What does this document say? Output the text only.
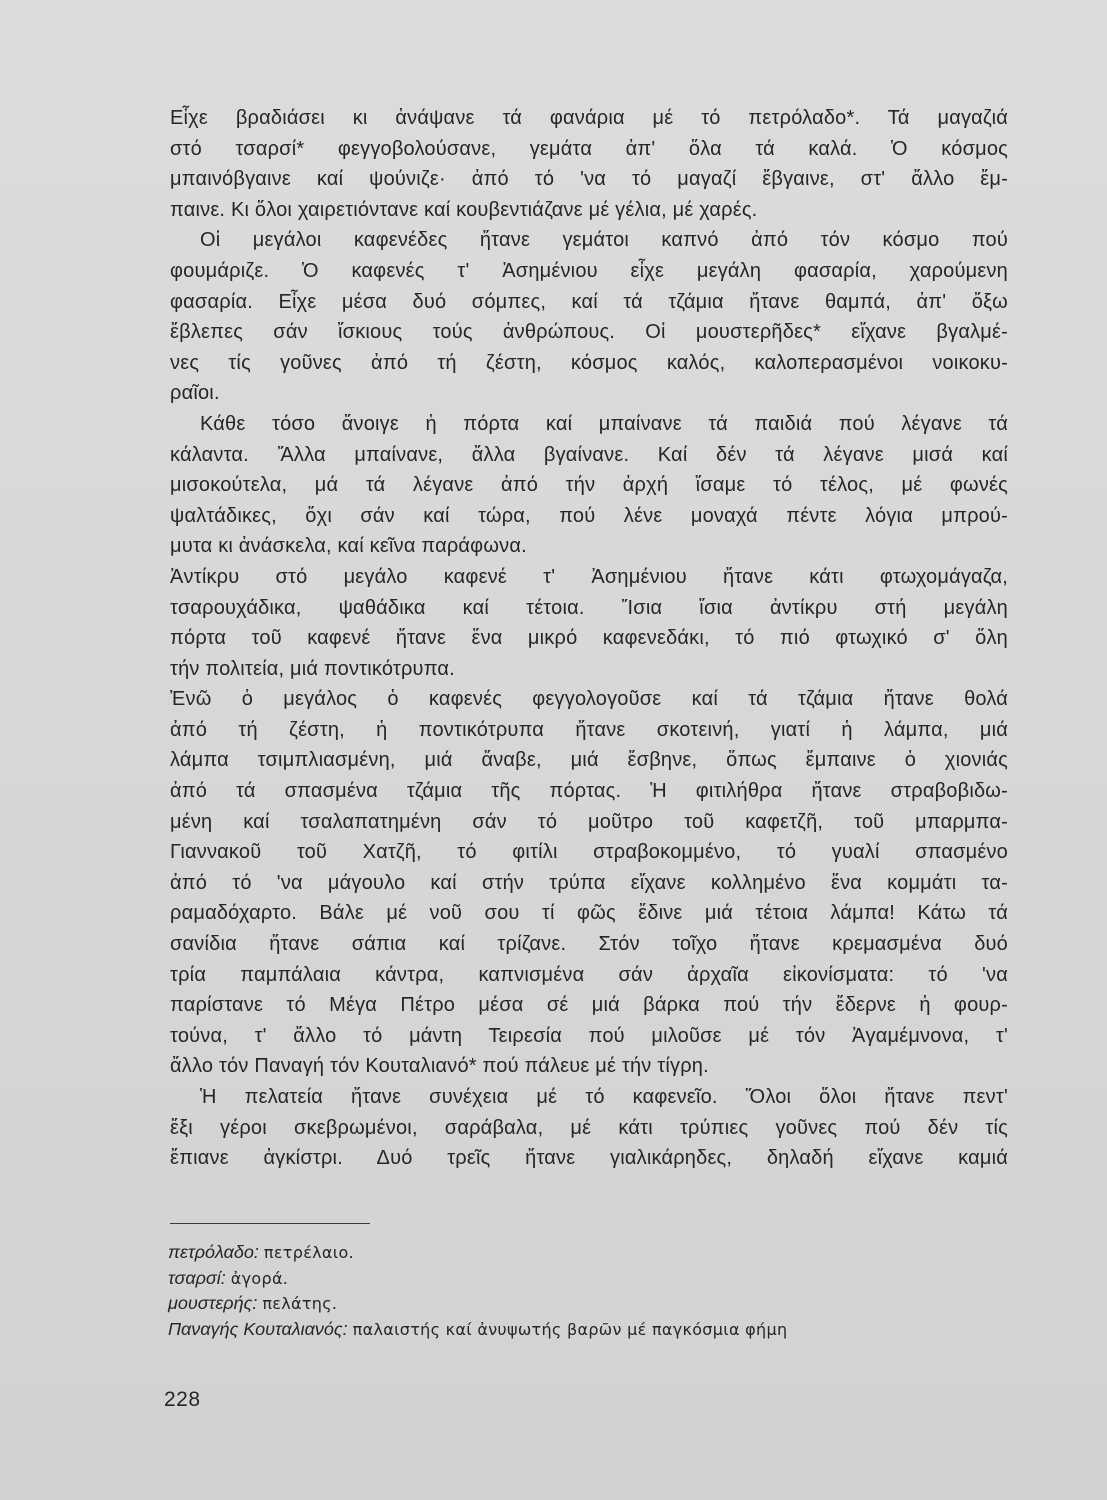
Εἶχε βραδιάσει κι ἀνάψανε τά φανάρια μέ τό πετρόλαδο*. Τά μαγαζιά
στό τσαρσί* φεγγοβολούσανε, γεμάτα ἀπ' ὅλα τά καλά. Ὁ κόσμος
μπαινόβγαινε καί ψούνιζε· ἀπό τό 'να τό μαγαζί ἔβγαινε, στ' ἄλλο ἔμ-
παινε. Κι ὅλοι χαιρετιόντανε καί κουβεντιάζανε μέ γέλια, μέ χαρές.

Οἱ μεγάλοι καφενέδες ἤτανε γεμάτοι καπνό ἀπό τόν κόσμο πού
φουμάριζε. Ὁ καφενές τ' Ἀσημένιου εἶχε μεγάλη φασαρία, χαρούμενη
φασαρία. Εἶχε μέσα δυό σόμπες, καί τά τζάμια ἤτανε θαμπά, ἀπ' ὄξω
ἔβλεπες σάν ἴσκιους τούς ἀνθρώπους. Οἱ μουστερῆδες* εἴχανε βγαλμέ-
νες τίς γοῦνες ἀπό τή ζέστη, κόσμος καλός, καλοπερασμένοι νοικοκυ-
ραῖοι.

Κάθε τόσο ἄνοιγε ἡ πόρτα καί μπαίνανε τά παιδιά πού λέγανε τά
κάλαντα. Ἄλλα μπαίνανε, ἄλλα βγαίνανε. Καί δέν τά λέγανε μισά καί
μισοκούτελα, μά τά λέγανε ἀπό τήν ἀρχή ἴσαμε τό τέλος, μέ φωνές
ψαλτάδικες, ὄχι σάν καί τώρα, πού λένε μοναχά πέντε λόγια μπρού-
μυτα κι ἀνάσκελα, καί κεῖνα παράφωνα.

Ἀντίκρυ στό μεγάλο καφενέ τ' Ἀσημένιου ἤτανε κάτι φτωχομάγαζα,
τσαρουχάδικα, ψαθάδικα καί τέτοια. Ἴσια ἴσια ἀντίκρυ στή μεγάλη
πόρτα τοῦ καφενέ ἤτανε ἕνα μικρό καφενεδάκι, τό πιό φτωχικό σ' ὅλη
τήν πολιτεία, μιά ποντικότρυπα.

Ἐνῶ ὁ μεγάλος ὁ καφενές φεγγολογοῦσε καί τά τζάμια ἤτανε θολά
ἀπό τή ζέστη, ἡ ποντικότρυπα ἤτανε σκοτεινή, γιατί ἡ λάμπα, μιά
λάμπα τσιμπλιασμένη, μιά ἄναβε, μιά ἔσβηνε, ὅπως ἔμπαινε ὁ χιονιάς
ἀπό τά σπασμένα τζάμια τῆς πόρτας. Ἡ φιτιλήθρα ἤτανε στραβοβιδω-
μένη καί τσαλαπατημένη σάν τό μοῦτρο τοῦ καφετζῆ, τοῦ μπαρμπα-
Γιαννακοῦ τοῦ Χατζῆ, τό φιτίλι στραβοκομμένο, τό γυαλί σπασμένο
ἀπό τό 'να μάγουλο καί στήν τρύπα εἴχανε κολλημένο ἕνα κομμάτι τα-
ραμαδόχαρτο. Βάλε μέ νοῦ σου τί φῶς ἔδινε μιά τέτοια λάμπα! Κάτω τά
σανίδια ἤτανε σάπια καί τρίζανε. Στόν τοῖχο ἤτανε κρεμασμένα δυό
τρία παμπάλαια κάντρα, καπνισμένα σάν ἀρχαῖα εἰκονίσματα: τό 'να
παρίστανε τό Μέγα Πέτρο μέσα σέ μιά βάρκα πού τήν ἔδερνε ἡ φουρ-
τούνα, τ' ἄλλο τό μάντη Τειρεσία πού μιλοῦσε μέ τόν Ἀγαμέμνονα, τ'
ἄλλο τόν Παναγή τόν Κουταλιανό* πού πάλευε μέ τήν τίγρη.

Ἡ πελατεία ἤτανε συνέχεια μέ τό καφενεῖο. Ὅλοι ὅλοι ἤτανε πεντ'
ἔξι γέροι σκεβρωμένοι, σαράβαλα, μέ κάτι τρύπιες γοῦνες πού δέν τίς
ἔπιανε ἀγκίστρι. Δυό τρεῖς ἤτανε γιαλικάρηδες, δηλαδή εἴχανε καμιά

πετρόλαδο: πετρέλαιο.
τσαρσί: ἀγορά.
μουστερής: πελάτης.
Παναγής Κουταλιανός: παλαιστής καί ἀνυψωτής βαρῶν μέ παγκόσμια φήμη
228
